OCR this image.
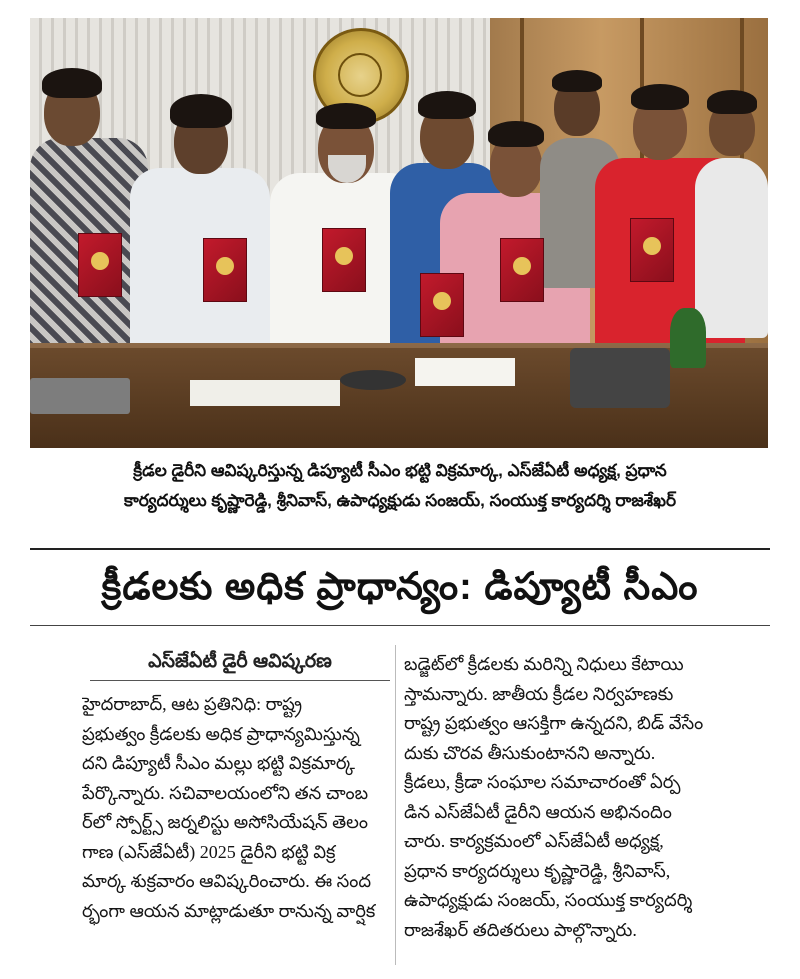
క్రీడల డైరీని ఆవిష్కరిస్తున్న డిప్యూటీ సీఎం భట్టి విక్రమార్క, ఎస్‌జేఏటీ అధ్యక్ష, ప్రధాన
కార్యదర్శులు కృష్ణారెడ్డి, శ్రీనివాస్, ఉపాధ్యక్షుడు సంజయ్, సంయుక్త కార్యదర్శి రాజశేఖర్
క్రీడలకు అధిక ప్రాధాన్యం: డిప్యూటీ సీఎం
ఎస్‌జేఏటీ డైరీ ఆవిష్కరణ
హైదరాబాద్, ఆట ప్రతినిధి: రాష్ట్ర
ప్రభుత్వం క్రీడలకు అధిక ప్రాధాన్యమిస్తున్న
దని డిప్యూటీ సీఎం మల్లు భట్టి విక్రమార్క
పేర్కొన్నారు. సచివాలయంలోని తన చాంబ
ర్‌లో స్పోర్ట్స్ జర్నలిస్టు అసోసియేషన్ తెలం
గాణ (ఎస్‌జేఏటీ) 2025 డైరీని భట్టి విక్ర
మార్క శుక్రవారం ఆవిష్కరించారు. ఈ సంద
ర్భంగా ఆయన మాట్లాడుతూ రానున్న వార్షిక
బడ్జెట్‌లో క్రీడలకు మరిన్ని నిధులు కేటాయి
స్తామన్నారు. జాతీయ క్రీడల నిర్వహణకు
రాష్ట్ర ప్రభుత్వం ఆసక్తిగా ఉన్నదని, బిడ్ వేసేం
దుకు చొరవ తీసుకుంటానని అన్నారు.
క్రీడలు, క్రీడా సంఘాల సమాచారంతో ఏర్ప
డిన ఎస్‌జేఏటీ డైరీని ఆయన అభినందిం
చారు. కార్యక్రమంలో ఎస్‌జేఏటీ అధ్యక్ష,
ప్రధాన కార్యదర్శులు కృష్ణారెడ్డి, శ్రీనివాస్,
ఉపాధ్యక్షుడు సంజయ్, సంయుక్త కార్యదర్శి
రాజశేఖర్ తదితరులు పాల్గొన్నారు.
